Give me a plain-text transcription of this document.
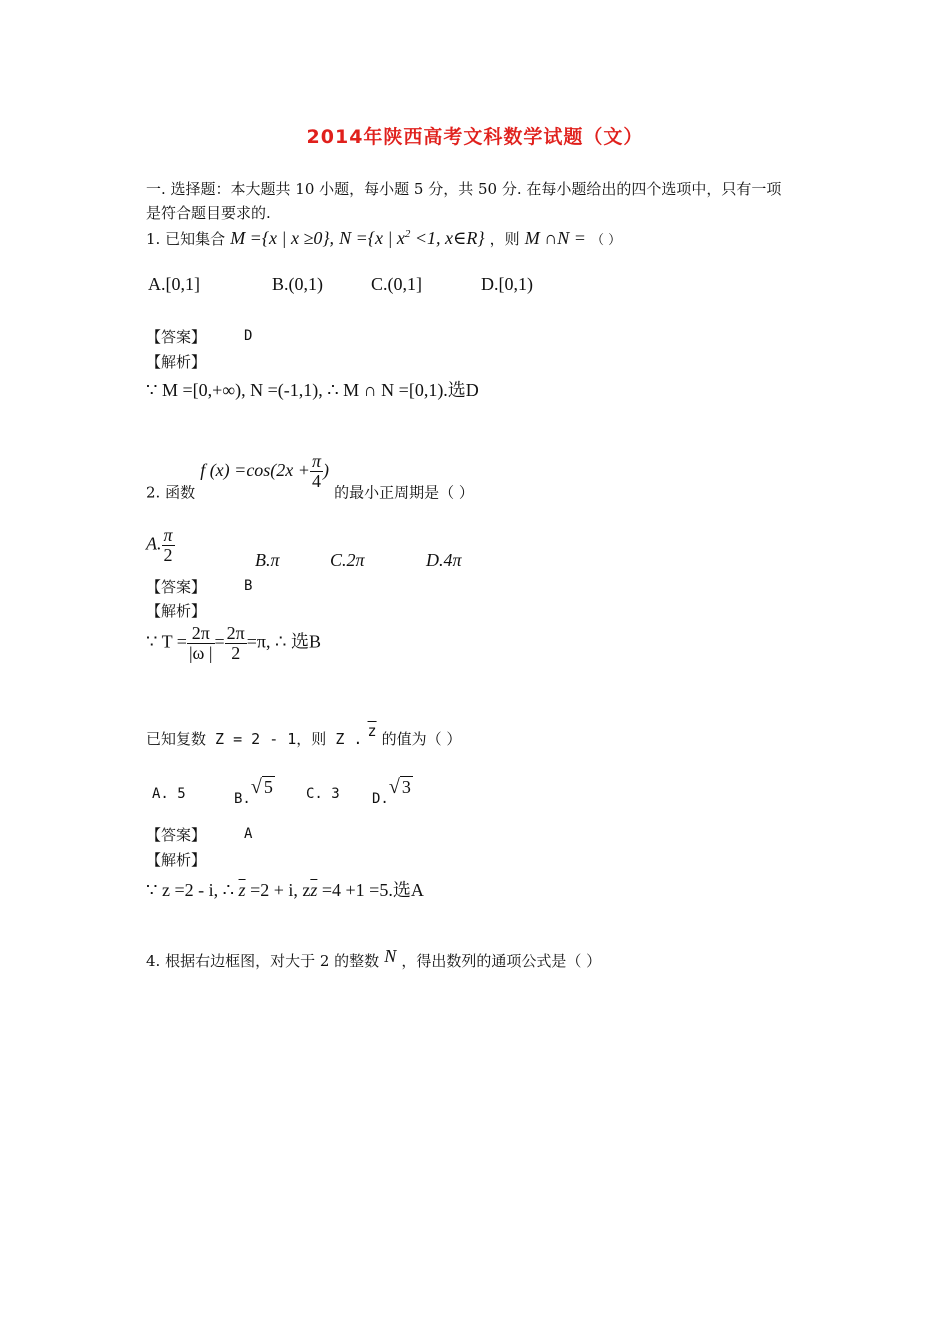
2014年陕西高考文科数学试题（文）
一. 选择题：本大题共 10 小题，每小题 5 分，共 50 分. 在每小题给出的四个选项中，只有一项
是符合题目要求的.
1. 已知集合 M ={x | x ≥0}, N ={x | $x^2 <1$, x∈R} ，则 M ∩N = （ ）
A.[0,1]	B.(0,1)	C.(0,1]	D.[0,1)
【答案】	D
【解析】
∵ M =[0,+∞), N =(-1,1), ∴ M ∩ N =[0,1).选D
2. 函数 f $(x) =\cos(2x + \frac{\pi}{4}$ ) 的最小正周期是（ ）
A. $\frac{\pi}{2}$	B.π	C.2π	D.4π
【答案】	B
【解析】
∵ $T = \frac{2\pi}{|\omega |} = \frac{2\pi}{2} =\pi$, ∴ 选B
已知复数 Z = 2 - 1，则 Z . $\overline{z}$ 的值为（ ）
A. 5	B.√ 5 C. 3 D.√ 3
【答案】	A
【解析】
∵ z =2 - i, ∴ $\overline{z} =2 + i$, $z\overline{z} =4 +1 =5$.选A
4. 根据右边框图，对大于 2 的整数 N ，得出数列的通项公式是（ ）
